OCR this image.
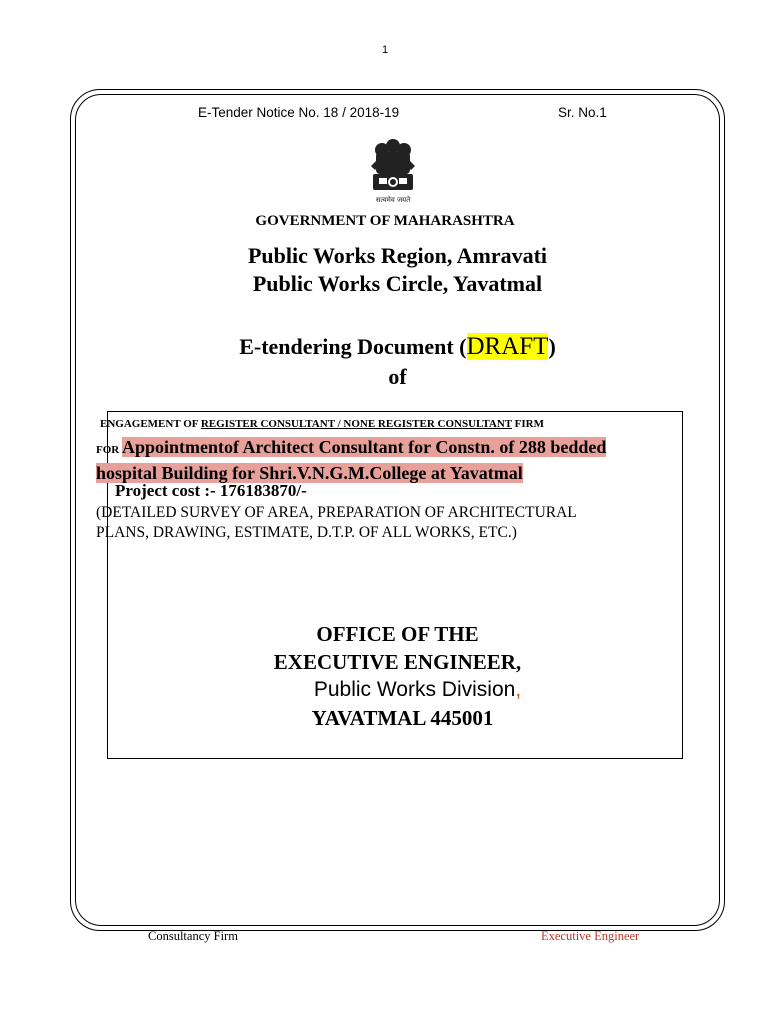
1
E-Tender Notice No. 18 / 2018-19	Sr. No.1
सत्यमेव जयते
GOVERNMENT OF MAHARASHTRA
Public Works Region, Amravati
Public Works Circle, Yavatmal
E-tendering Document (DRAFT)
of
ENGAGEMENT OF REGISTER CONSULTANT / NONE REGISTER CONSULTANT FIRM
FOR Appointmentof Architect Consultant for Constn. of 288 bedded
hospital Building for Shri.V.N.G.M.College at Yavatmal
Project cost :- 176183870/-
(DETAILED SURVEY OF AREA, PREPARATION OF ARCHITECTURAL
PLANS, DRAWING, ESTIMATE, D.T.P. OF ALL WORKS, ETC.)
OFFICE OF THE
EXECUTIVE ENGINEER,
Public Works Division,
YAVATMAL 445001
Consultancy Firm	Executive Engineer
